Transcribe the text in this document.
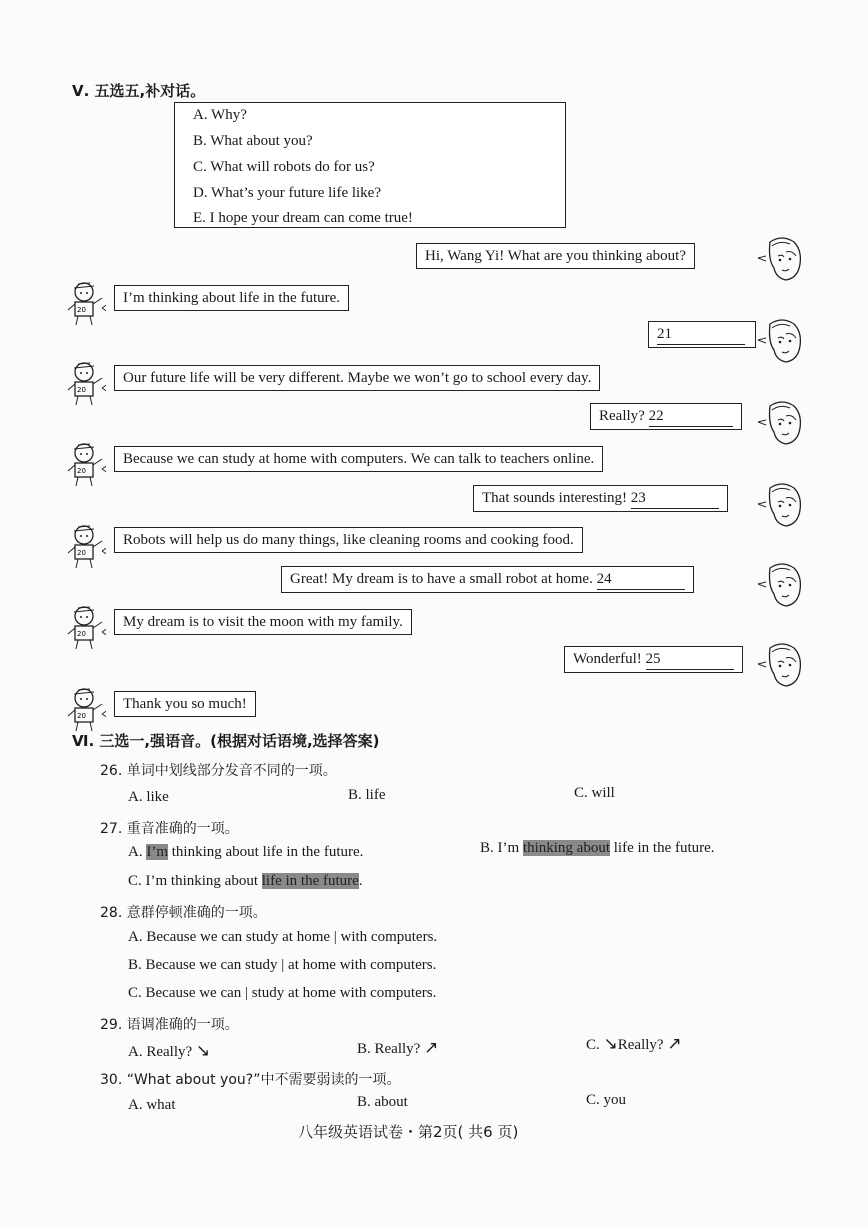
Ⅴ. 五选五,补对话。
A. Why?
B. What about you?
C. What will robots do for us?
D. What’s your future life like?
E. I hope your dream can come true!
Hi, Wang Yi! What are you thinking about?
20
I’m thinking about life in the future.
21
20
Our future life will be very different. Maybe we won’t go to school every day.
Really? 22
20
Because we can study at home with computers. We can talk to teachers online.
That sounds interesting! 23
20
Robots will help us do many things, like cleaning rooms and cooking food.
Great! My dream is to have a small robot at home. 24
20
My dream is to visit the moon with my family.
Wonderful! 25
20
Thank you so much!
Ⅵ. 三选一,强语音。(根据对话语境,选择答案)
26. 单词中划线部分发音不同的一项。
A. like	B. life	C. will
27. 重音准确的一项。
A. I’m thinking about life in the future.	B. I’m thinking about life in the future.
C. I’m thinking about life in the future.
28. 意群停顿准确的一项。
A. Because we can study at home | with computers.
B. Because we can study | at home with computers.
C. Because we can | study at home with computers.
29. 语调准确的一项。
A. Really? ↘	B. Really? ↗	C. ↘Really? ↗
30. “What about you?”中不需要弱读的一项。
A. what	B. about	C. you
八年级英语试卷・第2页( 共6 页)
